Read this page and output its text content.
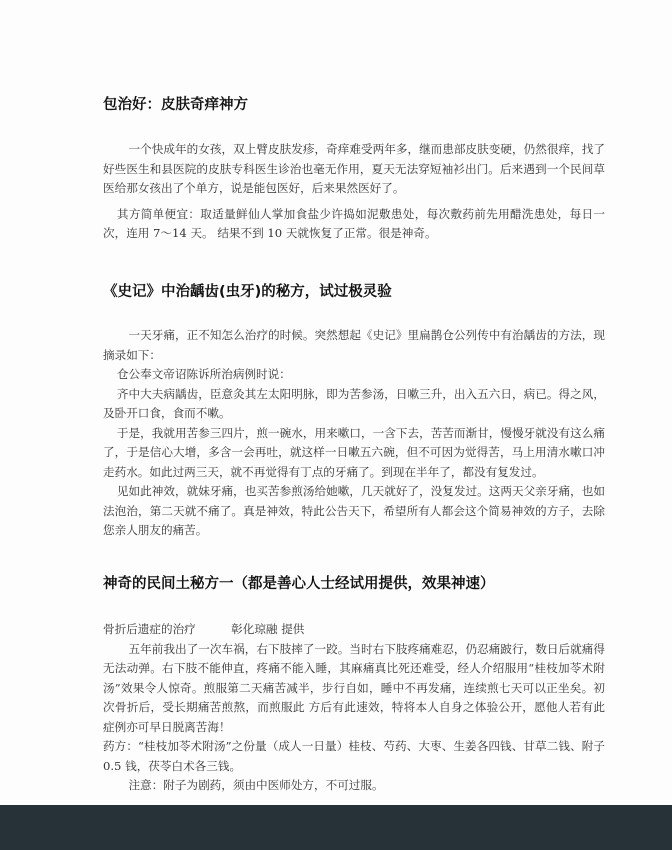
包治好：皮肤奇痒神方

一个快成年的女孩，双上臂皮肤发疹，奇痒难受两年多，继而患部皮肤变硬，仍然很痒，找了好些医生和县医院的皮肤专科医生诊治也毫无作用，夏天无法穿短袖衫出门。后来遇到一个民间草医给那女孩出了个单方，说是能包医好，后来果然医好了。

其方简单便宜：取适量鲜仙人掌加食盐少许捣如泥敷患处，每次敷药前先用醋洗患处，每日一次，连用 7～14 天。 结果不到 10 天就恢复了正常。很是神奇。

《史记》中治龋齿(虫牙)的秘方，试过极灵验

一天牙痛，正不知怎么治疗的时候。突然想起《史记》里扁鹊仓公列传中有治龋齿的方法，现摘录如下：

仓公奉文帝诏陈诉所治病例时说：

齐中大夫病龋齿，臣意灸其左太阳明脉，即为苦参汤，日嗽三升，出入五六日，病已。得之风，及卧开口食，食而不嗽。

于是，我就用苦参三四片，煎一碗水，用来嗽口，一含下去，苦苦而渐甘，慢慢牙就没有这么痛了，于是信心大增，多含一会再吐，就这样一日嗽五六碗，但不可因为觉得苦，马上用清水嗽口冲走药水。如此过两三天，就不再觉得有丁点的牙痛了。到现在半年了，都没有复发过。

见如此神效，就妹牙痛，也买苦参煎汤给她嗽，几天就好了，没复发过。这两天父亲牙痛，也如法泡治，第二天就不痛了。真是神效，特此公告天下，希望所有人都会这个简易神效的方子，去除您亲人朋友的痛苦。

神奇的民间土秘方一（都是善心人士经试用提供，效果神速）

骨折后遗症的治疗	彰化琼融 提供

五年前我出了一次车祸，右下肢摔了一跤。当时右下肢疼痛难忍，仍忍痛跛行，数日后就痛得无法动弹。右下肢不能伸直，疼痛不能入睡，其麻痛真比死还难受，经人介绍服用“桂枝加苓术附汤”效果令人惊奇。煎服第二天痛苦减半，步行自如，睡中不再发痛，连续煎七天可以正坐矣。初次骨折后，受长期痛苦煎熬，而煎服此 方后有此速效，特将本人自身之体验公开，愿他人若有此症例亦可早日脱离苦海！

药方：“桂枝加苓术附汤”之份量（成人一日量）桂枝、芍药、大枣、生姜各四钱、甘草二钱、附子 0.5 钱，茯苓白术各三钱。

注意：附子为剧药，须由中医师处方，不可过服。
